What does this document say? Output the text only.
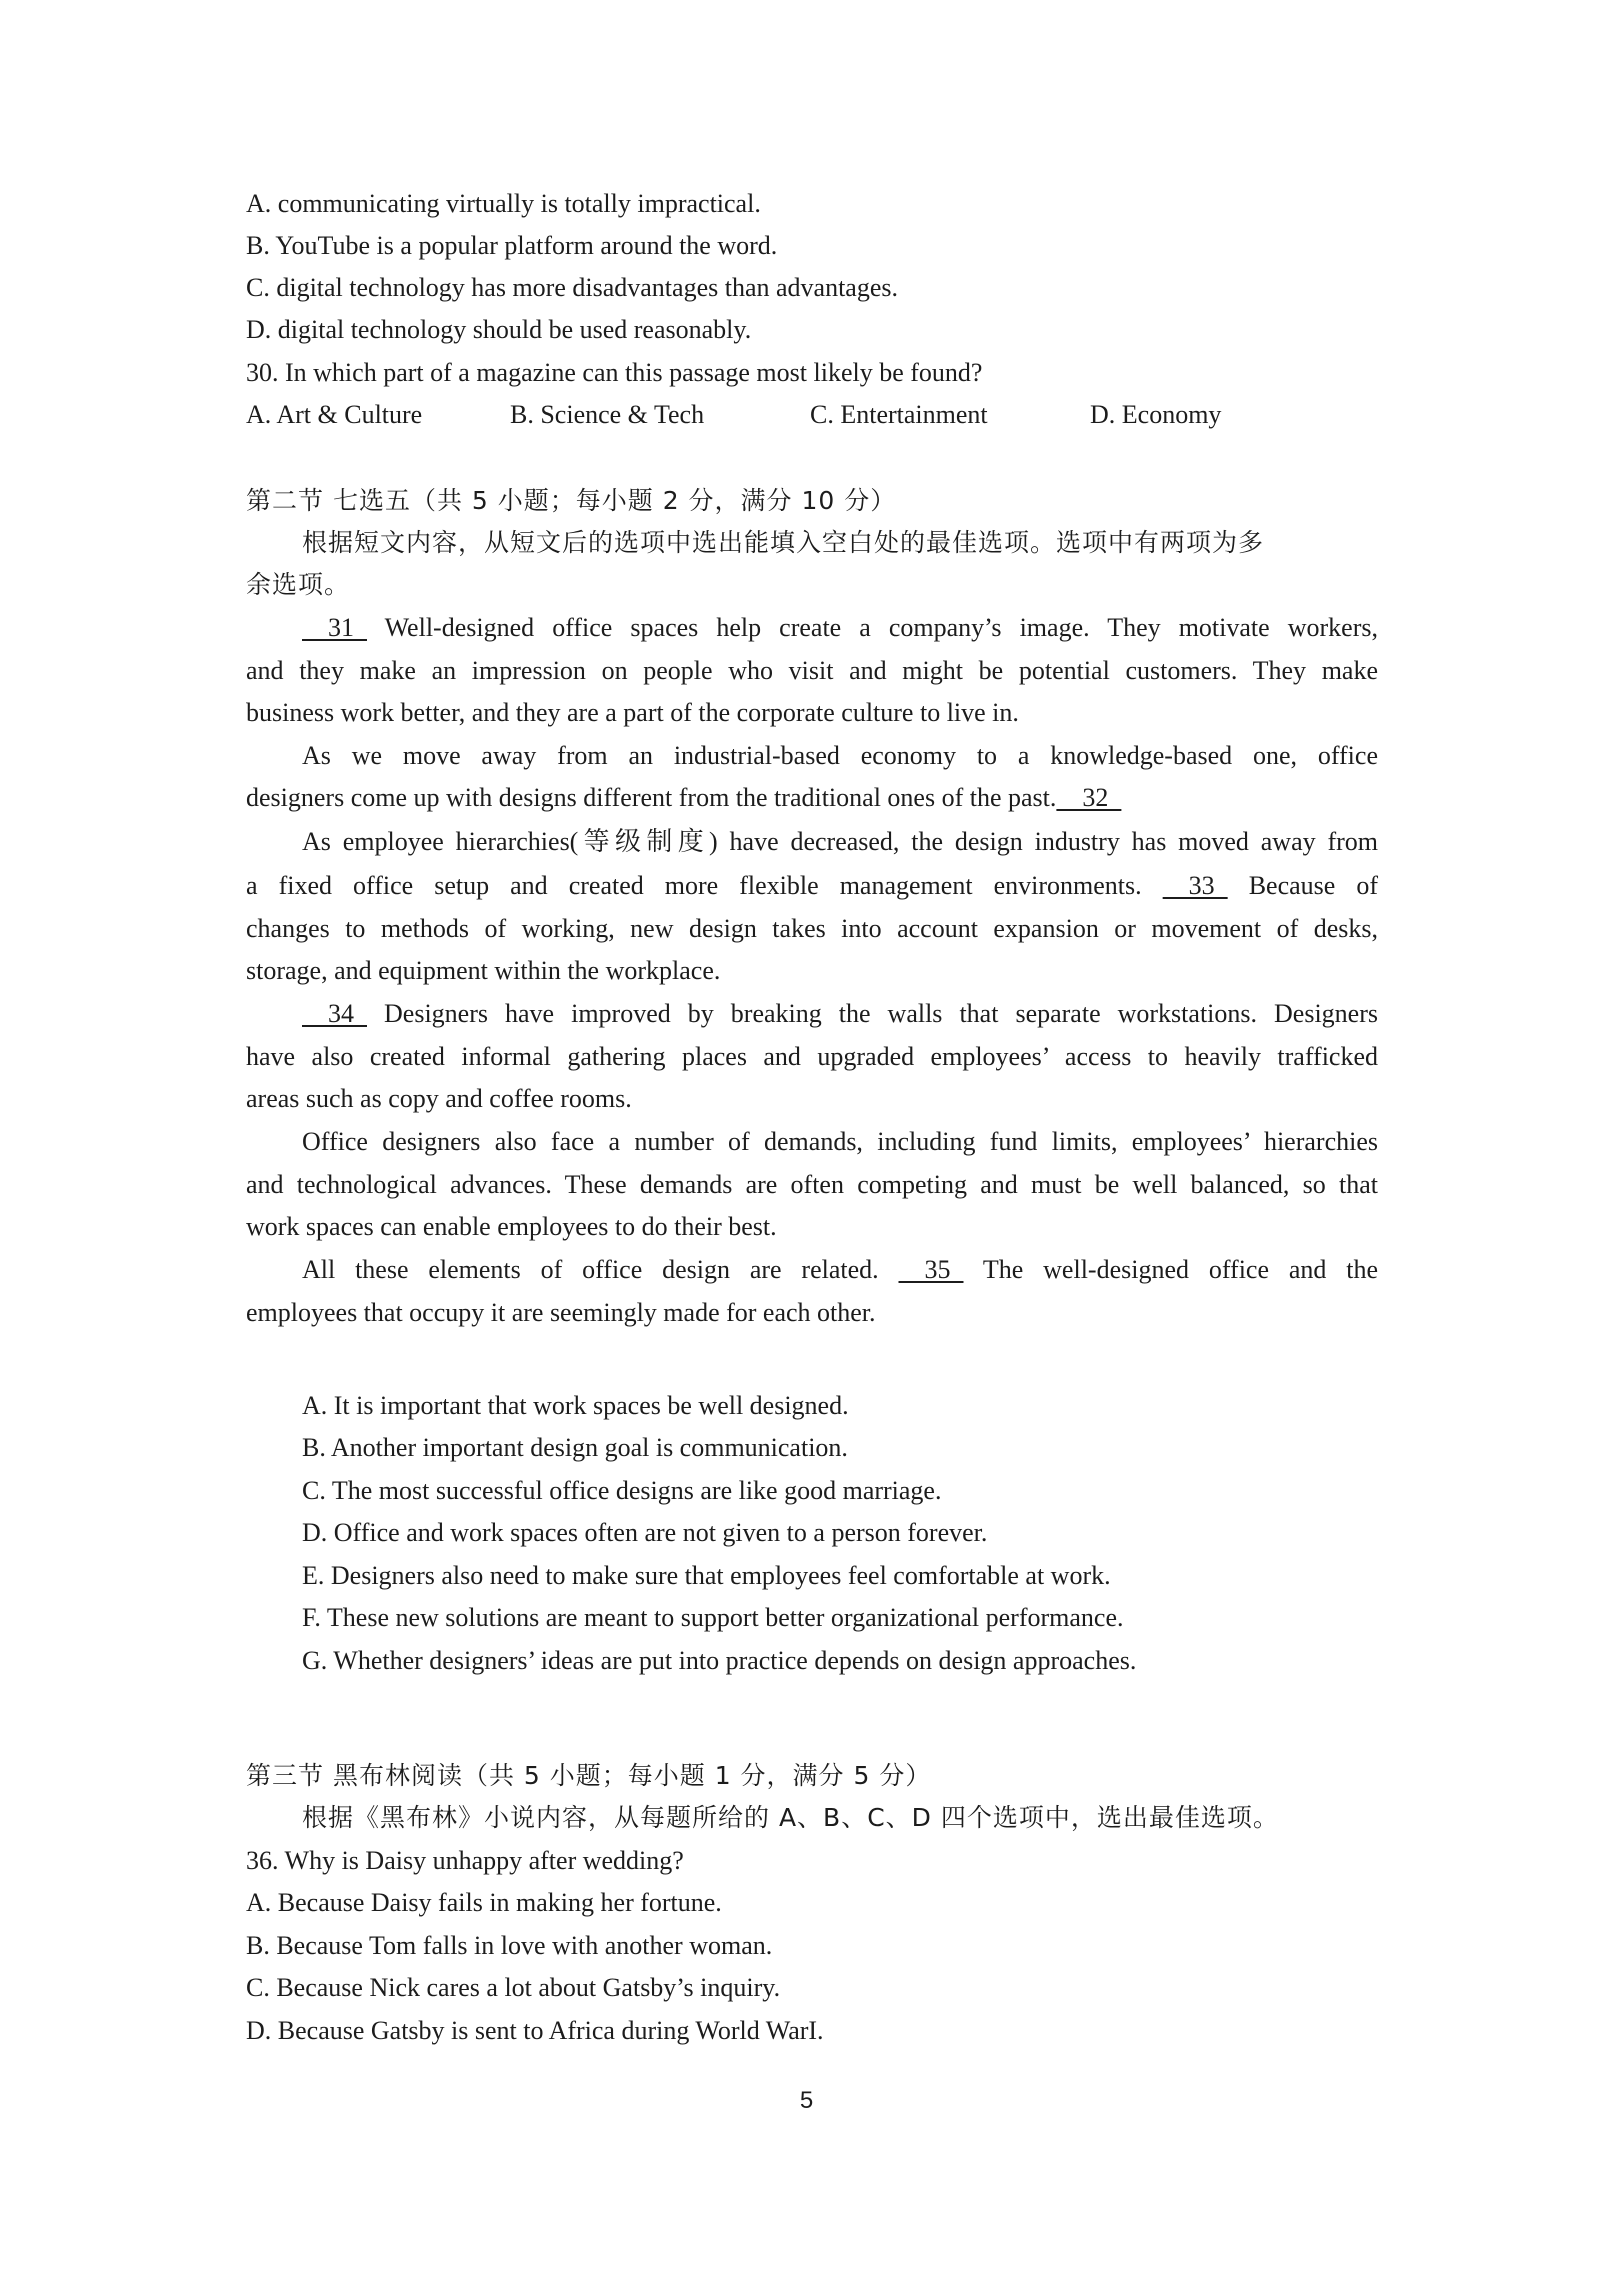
A. communicating virtually is totally impractical.
B. YouTube is a popular platform around the word.
C. digital technology has more disadvantages than advantages.
D. digital technology should be used reasonably.
30. In which part of a magazine can this passage most likely be found?
A. Art & Culture	B. Science & Tech	C. Entertainment	D. Economy
第二节 七选五（共 5 小题；每小题 2 分，满分 10 分）
根据短文内容，从短文后的选项中选出能填入空白处的最佳选项。选项中有两项为多
余选项。
  31  Well-designed office spaces help create a company’s image. They motivate workers,
and they make an impression on people who visit and might be potential customers. They make
business work better, and they are a part of the corporate culture to live in.
As we move away from an industrial-based economy to a knowledge-based one, office
designers come up with designs different from the traditional ones of the past.  32 
As employee hierarchies(等级制度) have decreased, the design industry has moved away from
a fixed office setup and created more flexible management environments.   33  Because of
changes to methods of working, new design takes into account expansion or movement of desks,
storage, and equipment within the workplace.
  34  Designers have improved by breaking the walls that separate workstations. Designers
have also created informal gathering places and upgraded employees’ access to heavily trafficked
areas such as copy and coffee rooms.
Office designers also face a number of demands, including fund limits, employees’ hierarchies
and technological advances. These demands are often competing and must be well balanced, so that
work spaces can enable employees to do their best.
All these elements of office design are related.   35  The well-designed office and the
employees that occupy it are seemingly made for each other.
A. It is important that work spaces be well designed.
B. Another important design goal is communication.
C. The most successful office designs are like good marriage.
D. Office and work spaces often are not given to a person forever.
E. Designers also need to make sure that employees feel comfortable at work.
F. These new solutions are meant to support better organizational performance.
G. Whether designers’ ideas are put into practice depends on design approaches.
第三节 黑布林阅读（共 5 小题；每小题 1 分，满分 5 分）
根据《黑布林》小说内容，从每题所给的 A、B、C、D 四个选项中，选出最佳选项。
36. Why is Daisy unhappy after wedding?
A. Because Daisy fails in making her fortune.
B. Because Tom falls in love with another woman.
C. Because Nick cares a lot about Gatsby’s inquiry.
D. Because Gatsby is sent to Africa during World WarI.
5
